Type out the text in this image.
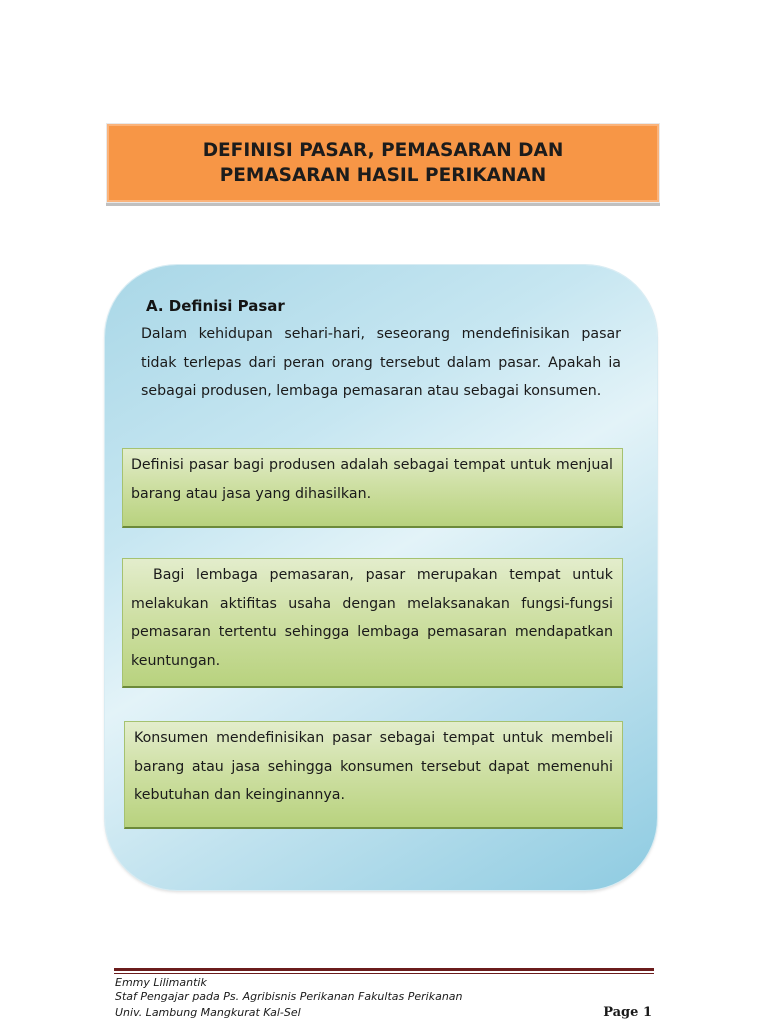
DEFINISI PASAR, PEMASARAN DAN
PEMASARAN HASIL PERIKANAN
A. Definisi Pasar
Dalam kehidupan sehari-hari, seseorang mendefinisikan pasar tidak terlepas dari peran orang tersebut dalam pasar. Apakah ia sebagai produsen, lembaga pemasaran atau sebagai konsumen.
Definisi pasar bagi produsen adalah sebagai tempat untuk menjual barang atau jasa yang dihasilkan.
Bagi lembaga pemasaran, pasar merupakan tempat untuk melakukan aktifitas usaha dengan melaksanakan fungsi-fungsi pemasaran tertentu sehingga lembaga pemasaran mendapatkan keuntungan.
Konsumen mendefinisikan pasar sebagai tempat untuk membeli barang atau jasa sehingga konsumen tersebut dapat memenuhi kebutuhan dan keinginannya.
Emmy Lilimantik
Staf Pengajar pada Ps. Agribisnis Perikanan Fakultas Perikanan
Univ. Lambung Mangkurat Kal-Sel	Page 1
